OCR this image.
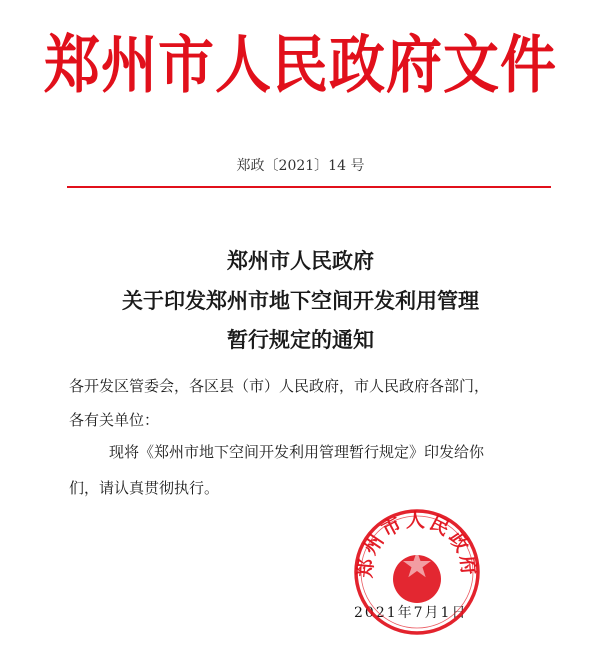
郑州市人民政府文件
郑政〔2021〕14 号
郑州市人民政府
关于印发郑州市地下空间开发利用管理
暂行规定的通知
各开发区管委会，各区县（市）人民政府，市人民政府各部门，
各有关单位：
现将《郑州市地下空间开发利用管理暂行规定》印发给你
们，请认真贯彻执行。
2021年7月1日
郑州市人民政府
